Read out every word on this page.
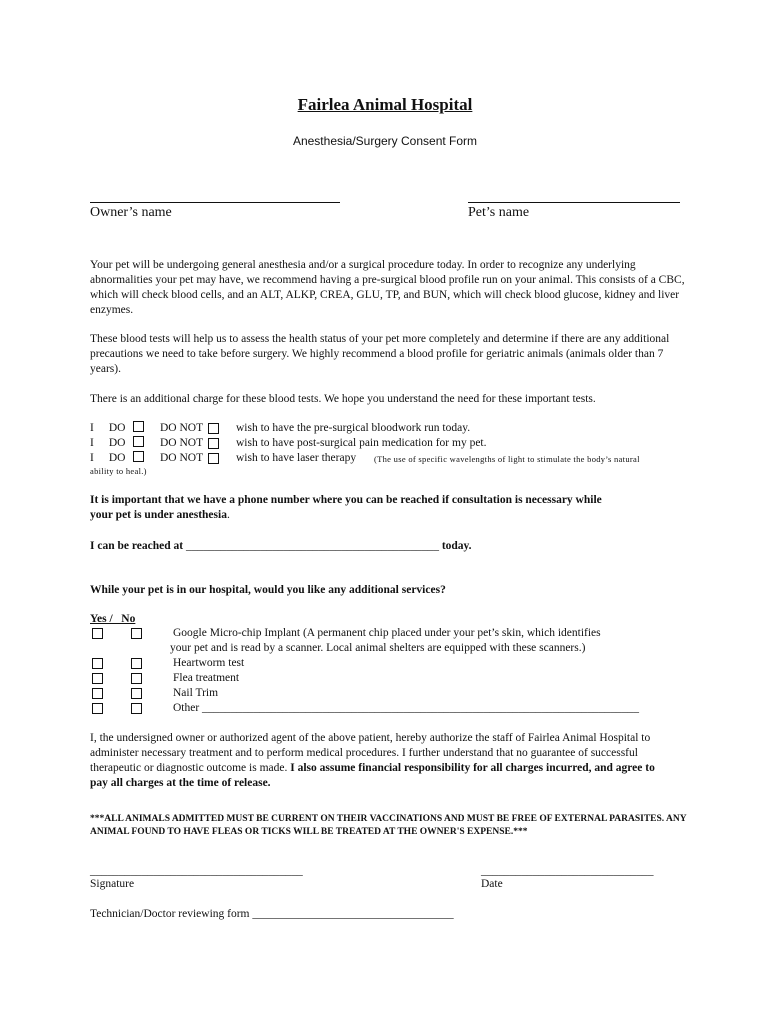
Fairlea Animal Hospital
Anesthesia/Surgery Consent Form
Owner’s name	Pet’s name
Your pet will be undergoing general anesthesia and/or a surgical procedure today. In order to recognize any underlying abnormalities your pet may have, we recommend having a pre-surgical blood profile run on your animal. This consists of a CBC, which will check blood cells, and an ALT, ALKP, CREA, GLU, TP, and BUN, which will check blood glucose, kidney and liver enzymes.
These blood tests will help us to assess the health status of your pet more completely and determine if there are any additional precautions we need to take before surgery. We highly recommend a blood profile for geriatric animals (animals older than 7 years).
There is an additional charge for these blood tests. We hope you understand the need for these important tests.
I DO	DO NOT	wish to have the pre-surgical bloodwork run today.
I DO	DO NOT	wish to have post-surgical pain medication for my pet.
I DO	DO NOT	wish to have laser therapy (The use of specific wavelengths of light to stimulate the body’s natural
ability to heal.)
It is important that we have a phone number where you can be reached if consultation is necessary while
your pet is under anesthesia.
I can be reached at ____________________________________________ today.
While your pet is in our hospital, would you like any additional services?
Yes /   No
Google Micro-chip Implant (A permanent chip placed under your pet’s skin, which identifies
your pet and is read by a scanner. Local animal shelters are equipped with these scanners.)
Heartworm test
Flea treatment
Nail Trim
Other ____________________________________________________________________________
I, the undersigned owner or authorized agent of the above patient, hereby authorize the staff of Fairlea Animal Hospital to administer necessary treatment and to perform medical procedures. I further understand that no guarantee of successful therapeutic or diagnostic outcome is made. I also assume financial responsibility for all charges incurred, and agree to pay all charges at the time of release.
***ALL ANIMALS ADMITTED MUST BE CURRENT ON THEIR VACCINATIONS AND MUST BE FREE OF EXTERNAL PARASITES. ANY ANIMAL FOUND TO HAVE FLEAS OR TICKS WILL BE TREATED AT THE OWNER'S EXPENSE.***
_____________________________________
Signature
______________________________
Date
Technician/Doctor reviewing form ___________________________________
